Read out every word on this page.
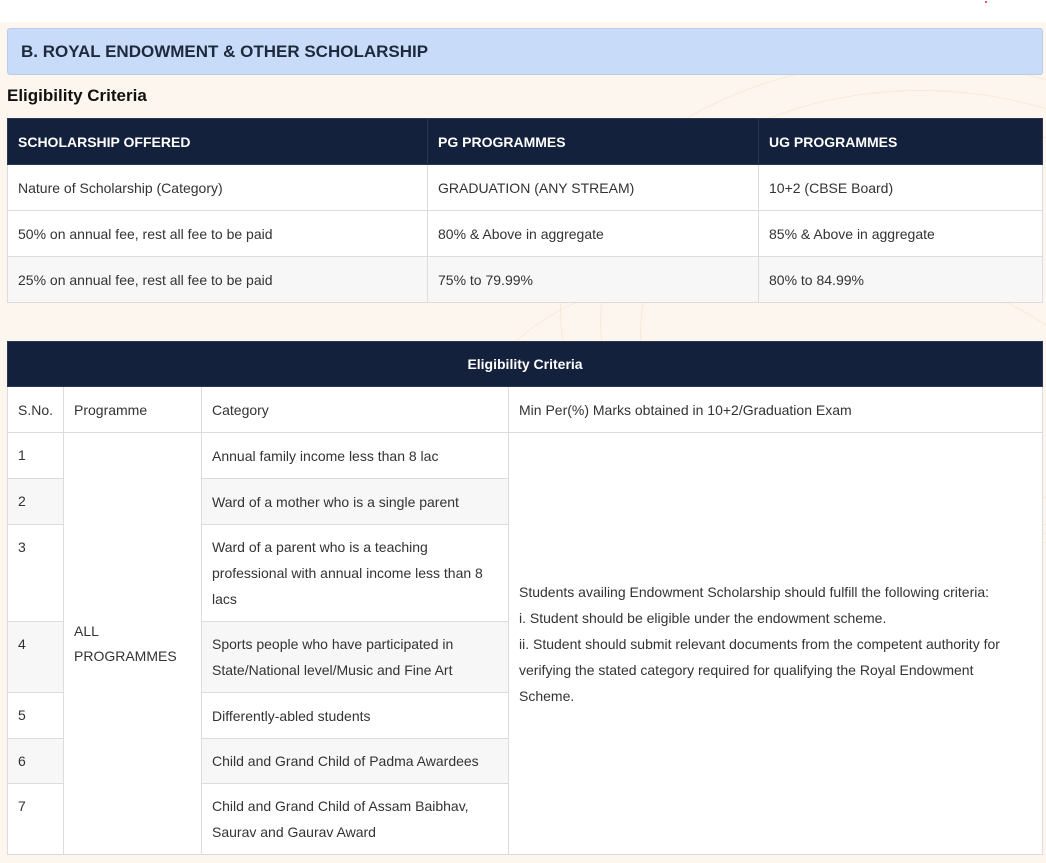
B. ROYAL ENDOWMENT & OTHER SCHOLARSHIP
Eligibility Criteria
SCHOLARSHIP OFFERED	PG PROGRAMMES	UG PROGRAMMES
Nature of Scholarship (Category)	GRADUATION (ANY STREAM)	10+2 (CBSE Board)
50% on annual fee, rest all fee to be paid	80% & Above in aggregate	85% & Above in aggregate
25% on annual fee, rest all fee to be paid	75% to 79.99%	80% to 84.99%
Eligibility Criteria			
S.No.	Programme	Category	Min Per(%) Marks obtained in 10+2/Graduation Exam
1	ALL PROGRAMMES	Annual family income less than 8 lac	Students availing Endowment Scholarship should fulfill the following criteria:
i. Student should be eligible under the endowment scheme.
ii. Student should submit relevant documents from the competent authority for verifying the stated category required for qualifying the Royal Endowment Scheme.

2		Ward of a mother who is a single parent	
3		Ward of a parent who is a teaching professional with annual income less than 8 lacs	
4		Sports people who have participated in State/National level/Music and Fine Art	
5		Differently-abled students	
6		Child and Grand Child of Padma Awardees	
7		Child and Grand Child of Assam Baibhav, Saurav and Gaurav Award	
